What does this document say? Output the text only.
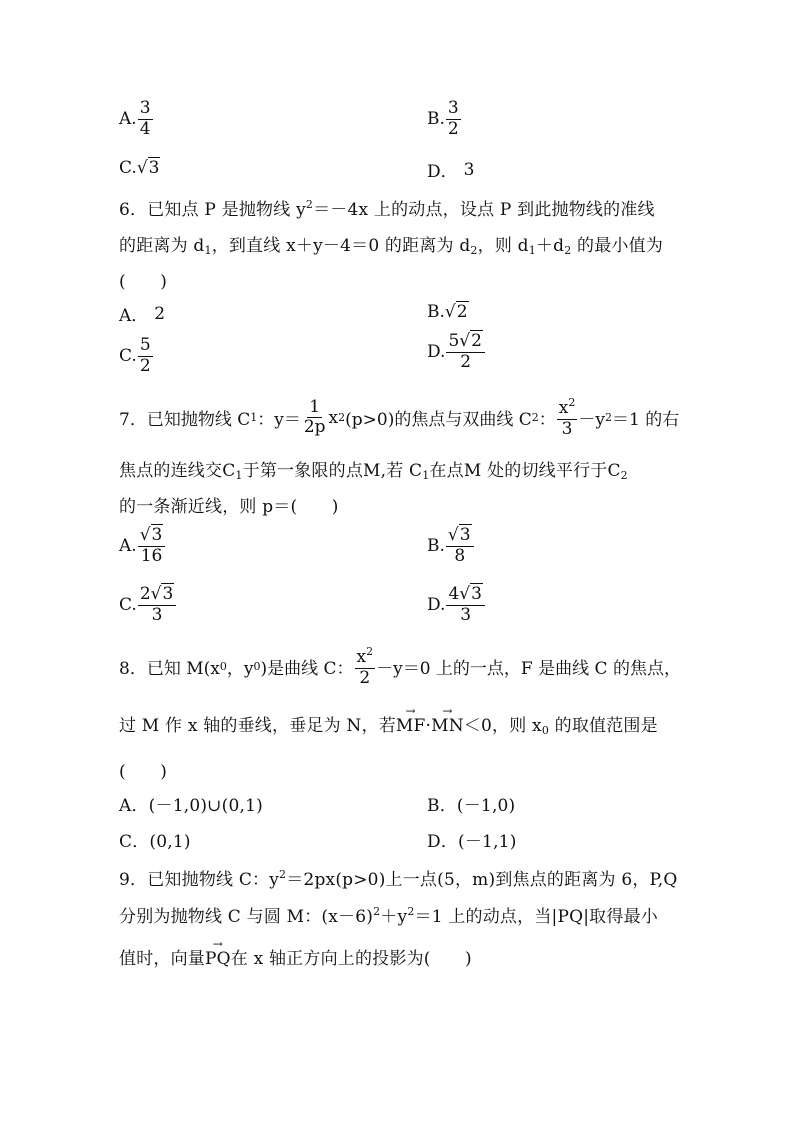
A. $\frac{3}{4}$	B. $\frac{3}{2}$
C. √ 3	D． 3
6．已知点 P 是抛物线 $y^2=-4x$ 上的动点，设点 P 到此抛物线的准线
的距离为 $d_1$，到直线 x＋y－4＝0 的距离为 $d_2$，则 $d_1+d_2$ 的最小值为
(　　)
A． 2	B. √ 2
C. $\frac{5}{2}$	D. $\frac{5√2}{2}$
7．已知抛物线 C 1 ：$y= \frac{1}{2p}$ x 2 (p>0)的焦点与双曲线 C 2 ： $\frac{x^2}{3} -y$ 2 ＝1 的右
焦点的连线交$C_1$于第一象限的点M,若 $C_1$在点M 处的切线平行于$C_2$
的一条渐近线，则 p＝(　　)
A. $\frac{√3}{16}$	B. $\frac{√3}{8}$
C. $\frac{2√3}{3}$	D. $\frac{4√3}{3}$
8．已知 M(x 0 ，y 0 )是曲线 C： $\frac{x^2}{2} -y=0$ 上的一点，F 是曲线 C 的焦点，
过 M 作 x 轴的垂线，垂足为 N，若→ MF·→ MN＜0，则 $x_0$ 的取值范围是
(　　)
A．(－1,0)∪(0,1)	B．(－1,0)
C．(0,1)	D．(－1,1)
9．已知抛物线 C：$y^2=2px(p>0)$上一点(5，m)到焦点的距离为 6，P,Q
分别为抛物线 C 与圆 M：$(x-6)^2+y^2=1$ 上的动点，当|PQ|取得最小
值时，向量→ PQ在 x 轴正方向上的投影为(　　)
